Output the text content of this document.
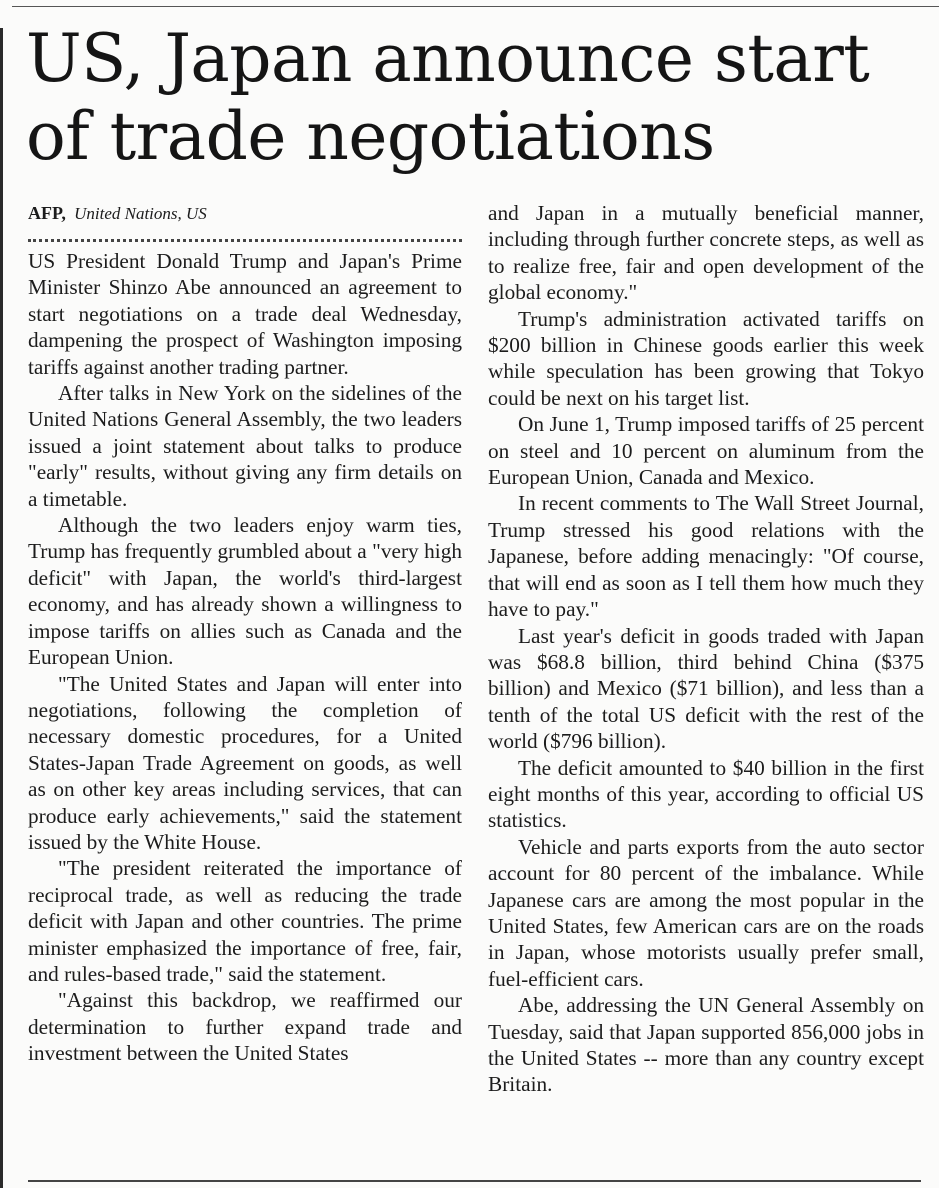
US, Japan announce start of trade negotiations
AFP, United Nations, US

US President Donald Trump and Japan's Prime Minister Shinzo Abe announced an agreement to start negotiations on a trade deal Wednesday, dampening the prospect of Washington imposing tariffs against another trading partner.

After talks in New York on the sidelines of the United Nations General Assembly, the two leaders issued a joint statement about talks to produce "early" results, without giving any firm details on a timetable.

Although the two leaders enjoy warm ties, Trump has frequently grumbled about a "very high deficit" with Japan, the world's third-largest economy, and has already shown a willingness to impose tariffs on allies such as Canada and the European Union.

"The United States and Japan will enter into negotiations, following the completion of necessary domestic procedures, for a United States-Japan Trade Agreement on goods, as well as on other key areas including services, that can produce early achievements," said the statement issued by the White House.

"The president reiterated the importance of reciprocal trade, as well as reducing the trade deficit with Japan and other countries. The prime minister emphasized the importance of free, fair, and rules-based trade," said the statement.

"Against this backdrop, we reaffirmed our determination to further expand trade and investment between the United States

and Japan in a mutually beneficial manner, including through further concrete steps, as well as to realize free, fair and open development of the global economy."

Trump's administration activated tariffs on $200 billion in Chinese goods earlier this week while speculation has been growing that Tokyo could be next on his target list.

On June 1, Trump imposed tariffs of 25 percent on steel and 10 percent on aluminum from the European Union, Canada and Mexico.

In recent comments to The Wall Street Journal, Trump stressed his good relations with the Japanese, before adding menacingly: "Of course, that will end as soon as I tell them how much they have to pay."

Last year's deficit in goods traded with Japan was $68.8 billion, third behind China ($375 billion) and Mexico ($71 billion), and less than a tenth of the total US deficit with the rest of the world ($796 billion).

The deficit amounted to $40 billion in the first eight months of this year, according to official US statistics.

Vehicle and parts exports from the auto sector account for 80 percent of the imbalance. While Japanese cars are among the most popular in the United States, few American cars are on the roads in Japan, whose motorists usually prefer small, fuel-efficient cars.

Abe, addressing the UN General Assembly on Tuesday, said that Japan supported 856,000 jobs in the United States -- more than any country except Britain.
